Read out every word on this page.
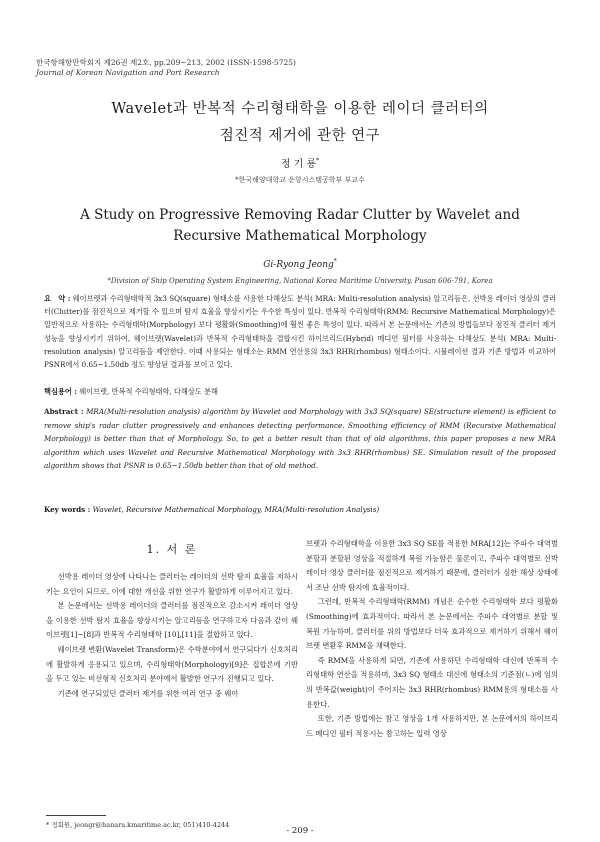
한국항해항만학회지 제26권 제2호, pp.209~213, 2002 (ISSN-1598-5725)
Journal of Korean Navigation and Port Research
Wavelet과 반복적 수리형태학을 이용한 레이더 클러터의
점진적 제거에 관한 연구
정 기 룡*
*한국해양대학교 운항시스템공학부 부교수
A Study on Progressive Removing Radar Clutter by Wavelet and
Recursive Mathematical Morphology
Gi-Ryong Jeong*
*Division of Ship Operating System Engineering, National Korea Maritime University, Pusan 606-791, Korea
요　약 : 웨이브렛과 수리형태학적 3x3 SQ(square) 형태소를 사용한 다해상도 분석( MRA: Multi-resolution analysis) 알고리듬은, 선박용 레이더 영상의 클러터(Clutter)를 점진적으로 제거할 수 있으며 탐지 효율을 향상시키는 우수한 특성이 있다. 반복적 수리형태학(RMM: Recursive Mathematical Morphology)은 일반적으로 사용하는 수리형태학(Morphology) 보다 평활화(Smoothing)에 훨씬 좋은 특성이 있다. 따라서 본 논문에서는 기존의 방법들보다 점진적 클러터 제거 성능을 향상시키기 위하여, 웨이브렛(Wavelet)과 반복적 수리형태학을 결합시킨 하이브리드(Hybrid) 메디언 필터를 사용하는 다해상도 분석( MRA: Multi-resolution analysis) 알고리듬을 제안한다. 이때 사용되는 형태소는 RMM 연산용의 3x3 RHR(rhombus) 형태소이다. 시뮬레이션 결과 기존 방법과 비교하여 PSNR에서 0.65~1.50db 정도 향상된 결과를 보이고 있다.
핵심용어 : 웨이브렛, 반복적 수리형태학, 다해상도 분해
Abstract : MRA(Multi-resolution analysis) algorithm by Wavelet and Morphology with 3x3 SQ(square) SE(structure element) is efficient to remove ship's radar clutter progressively and enhances detecting performance. Smoothing efficiency of RMM (Recursive Mathematical Morphology) is better than that of Morphology. So, to get a better result than that of old algorithms, this paper proposes a new MRA algorithm which uses Wavelet and Recursive Mathematical Morphology with 3x3 RHR(rhombus) SE. Simulation result of the proposed algorithm shows that PSNR is 0.65~1.50db better than that of old method.
Key words : Wavelet, Recursive Mathematical Morphology, MRA(Multi-resolution Analysis)
1. 서 론

선박용 레이더 영상에 나타나는 클러터는 레이더의 선박 탐지 효율을 저하시키는 요인이 되므로, 이에 대한 개선을 위한 연구가 활발하게 이루어지고 있다.

본 논문에서는 선박용 레이더의 클러터를 점진적으로 감소시켜 레이더 영상을 이용한 선박 탐지 효율을 향상시키는 알고리듬을 연구하고자 다음과 같이 웨이브렛[1]~[8]과 반복적 수리형태학 [10],[11]을 결합하고 있다.

웨이브렛 변환(Wavelet Transform)은 수학분야에서 연구되다가 신호처리에 활발하게 응용되고 있으며, 수리형태학(Morphology)[9]은 집합론에 기반을 두고 있는 비선형적 신호처리 분야에서 활발한 연구가 진행되고 있다.

기존에 연구되었던 클러터 제거를 위한 여러 연구 중 웨이

브렛과 수리형태학을 이용한 3x3 SQ SE를 적용한 MRA[12]는 주파수 대역별 분할과 분할된 영상을 적절하게 복원 가능함은 물론이고, 주파수 대역별로 선박 레이더 영상 클러터를 점진적으로 제거하기 때문에, 클러터가 심한 해상 상태에서 조난 선박 탐지에 효율적이다.

그런데, 반복적 수리형태학(RMM) 개념은 순수한 수리형태학 보다 평활화(Smoothing)에 효과적이다. 따라서 본 논문에서는 주파수 대역별로 분할 및 복원 가능하며, 클러터를 위의 방법보다 더욱 효과적으로 제거하기 위해서 웨이브렛 변환후 RMM을 채택한다.

즉 RMM을 사용하게 되면, 기존에 사용하던 수리형태학 대신에 반복적 수리형태학 연산을 적용하며, 3x3 SQ 형태소 대신에 형태소의 기준점(ㄴ)에 임의의 반복값(weight)이 주어지는 3x3 RHR(rhombus) RMM용의 형태소를 사용한다.

또한, 기존 방법에는 참고 영상을 1개 사용하지만, 본 논문에서의 하이브리드 메디언 필터 적용시는 참고하는 입력 영상

* 정회원, jeongr@hanara.kmaritime.ac.kr, 051)410-4244
- 209 -
